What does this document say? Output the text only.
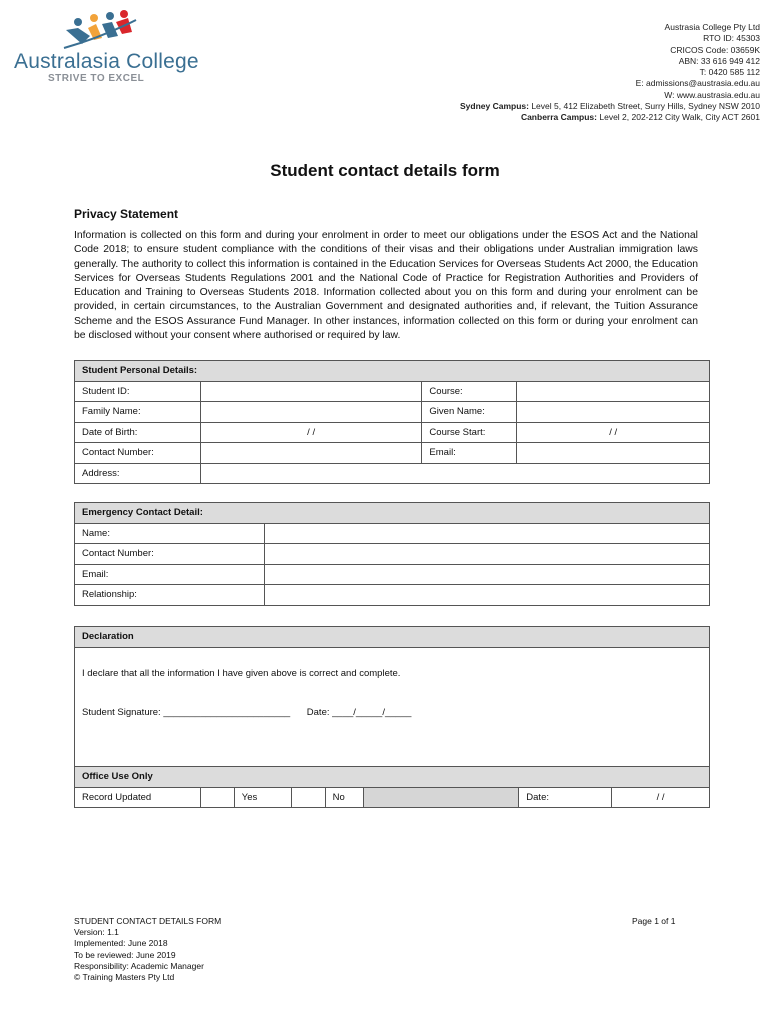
Australasia College
STRIVE TO EXCEL
Austrasia College Pty Ltd
RTO ID: 45303
CRICOS Code: 03659K
ABN: 33 616 949 412
T: 0420 585 112
E: admissions@austrasia.edu.au
W: www.austrasia.edu.au
Sydney Campus: Level 5, 412 Elizabeth Street, Surry Hills, Sydney NSW 2010
Canberra Campus: Level 2, 202-212 City Walk, City ACT 2601
Student contact details form
Privacy Statement
Information is collected on this form and during your enrolment in order to meet our obligations under the ESOS Act and the National Code 2018; to ensure student compliance with the conditions of their visas and their obligations under Australian immigration laws generally. The authority to collect this information is contained in the Education Services for Overseas Students Act 2000, the Education Services for Overseas Students Regulations 2001 and the National Code of Practice for Registration Authorities and Providers of Education and Training to Overseas Students 2018. Information collected about you on this form and during your enrolment can be provided, in certain circumstances, to the Australian Government and designated authorities and, if relevant, the Tuition Assurance Scheme and the ESOS Assurance Fund Manager. In other instances, information collected on this form or during your enrolment can be disclosed without your consent where authorised or required by law.
Student Personal Details:			
Student ID:		Course:	
Family Name:		Given Name:	
Date of Birth:	/ /	Course Start:	/ /
Contact Number:		Email:	
Address:			
Emergency Contact Detail:	
Name:	
Contact Number:	
Email:	
Relationship:	
Declaration

I declare that all the information I have given above is correct and complete.
Student Signature: ________________________ Date: ____/_____/_____
Office Use Only
Record Updated		Yes		No		Date:	/ /
STUDENT CONTACT DETAILS FORM
Version: 1.1
Implemented: June 2018
To be reviewed: June 2019
Responsibility: Academic Manager
© Training Masters Pty Ltd
Page 1 of 1
